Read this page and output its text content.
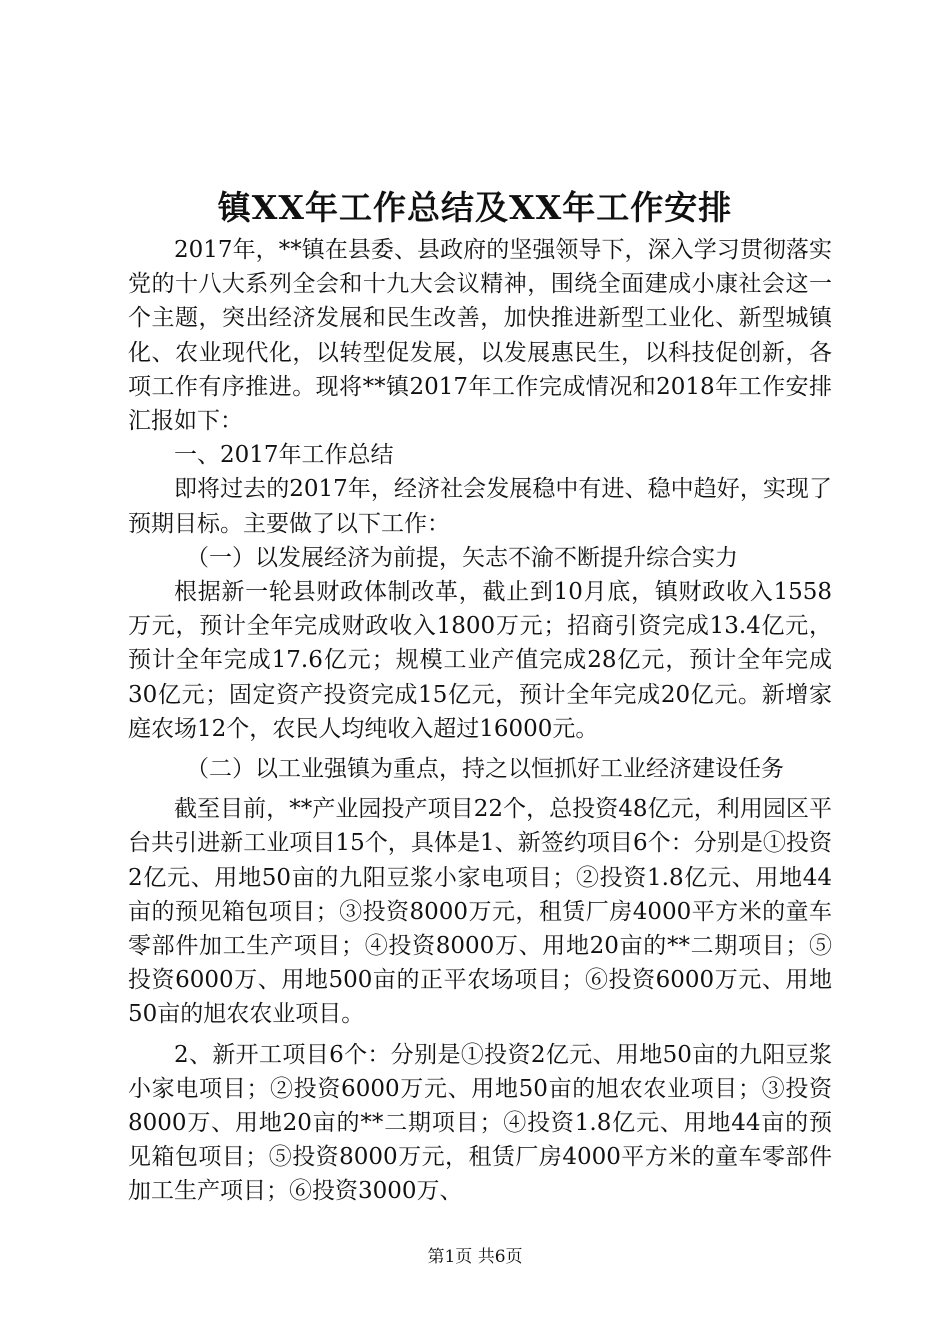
镇XX年工作总结及XX年工作安排

2017年，**镇在县委、县政府的坚强领导下，深入学习贯彻落实党的十八大系列全会和十九大会议精神，围绕全面建成小康社会这一个主题，突出经济发展和民生改善，加快推进新型工业化、新型城镇化、农业现代化，以转型促发展，以发展惠民生，以科技促创新，各项工作有序推进。现将**镇2017年工作完成情况和2018年工作安排汇报如下：

一、2017年工作总结

即将过去的2017年，经济社会发展稳中有进、稳中趋好，实现了预期目标。主要做了以下工作：

（一）以发展经济为前提，矢志不渝不断提升综合实力

根据新一轮县财政体制改革，截止到10月底，镇财政收入1558万元，预计全年完成财政收入1800万元；招商引资完成13.4亿元，预计全年完成17.6亿元；规模工业产值完成28亿元，预计全年完成30亿元；固定资产投资完成15亿元，预计全年完成20亿元。新增家庭农场12个，农民人均纯收入超过16000元。

（二）以工业强镇为重点，持之以恒抓好工业经济建设任务

截至目前，**产业园投产项目22个，总投资48亿元，利用园区平台共引进新工业项目15个，具体是1、新签约项目6个：分别是①投资2亿元、用地50亩的九阳豆浆小家电项目；②投资1.8亿元、用地44亩的预见箱包项目；③投资8000万元，租赁厂房4000平方米的童车零部件加工生产项目；④投资8000万、用地20亩的**二期项目；⑤投资6000万、用地500亩的正平农场项目；⑥投资6000万元、用地50亩的旭农农业项目。

2、新开工项目6个：分别是①投资2亿元、用地50亩的九阳豆浆小家电项目；②投资6000万元、用地50亩的旭农农业项目；③投资8000万、用地20亩的**二期项目；④投资1.8亿元、用地44亩的预见箱包项目；⑤投资8000万元，租赁厂房4000平方米的童车零部件加工生产项目；⑥投资3000万、

第1页 共6页
